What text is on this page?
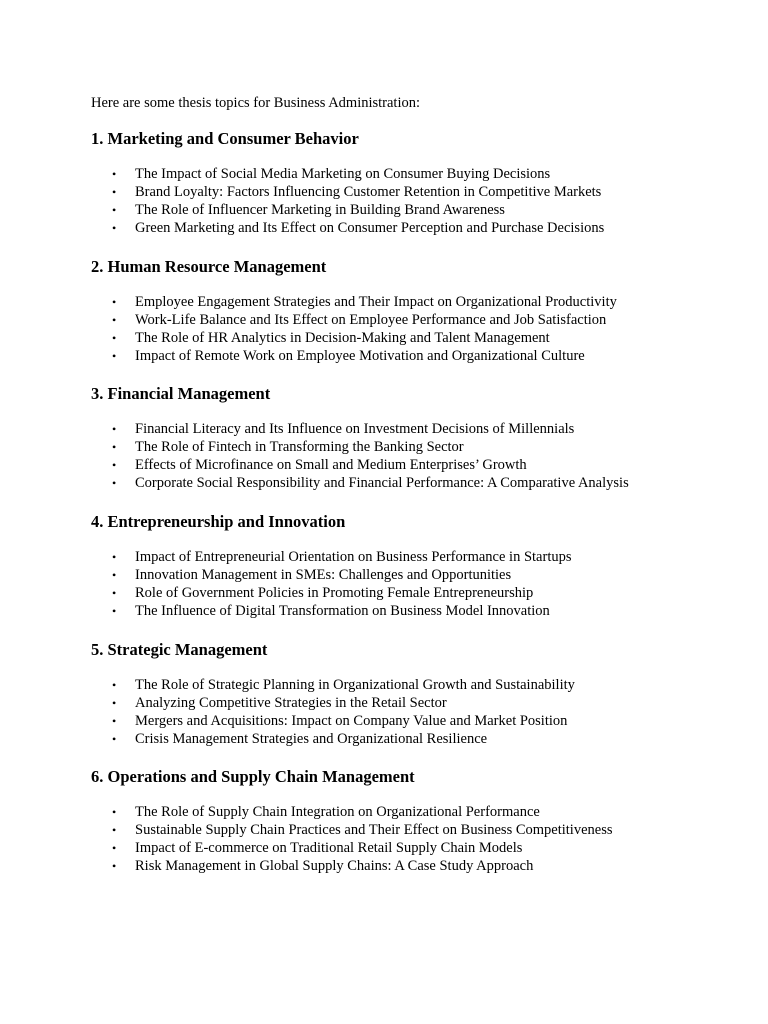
Here are some thesis topics for Business Administration:

1. Marketing and Consumer Behavior
• The Impact of Social Media Marketing on Consumer Buying Decisions
• Brand Loyalty: Factors Influencing Customer Retention in Competitive Markets
• The Role of Influencer Marketing in Building Brand Awareness
• Green Marketing and Its Effect on Consumer Perception and Purchase Decisions
2. Human Resource Management
• Employee Engagement Strategies and Their Impact on Organizational Productivity
• Work-Life Balance and Its Effect on Employee Performance and Job Satisfaction
• The Role of HR Analytics in Decision-Making and Talent Management
• Impact of Remote Work on Employee Motivation and Organizational Culture
3. Financial Management
• Financial Literacy and Its Influence on Investment Decisions of Millennials
• The Role of Fintech in Transforming the Banking Sector
• Effects of Microfinance on Small and Medium Enterprises’ Growth
• Corporate Social Responsibility and Financial Performance: A Comparative Analysis
4. Entrepreneurship and Innovation
• Impact of Entrepreneurial Orientation on Business Performance in Startups
• Innovation Management in SMEs: Challenges and Opportunities
• Role of Government Policies in Promoting Female Entrepreneurship
• The Influence of Digital Transformation on Business Model Innovation
5. Strategic Management
• The Role of Strategic Planning in Organizational Growth and Sustainability
• Analyzing Competitive Strategies in the Retail Sector
• Mergers and Acquisitions: Impact on Company Value and Market Position
• Crisis Management Strategies and Organizational Resilience
6. Operations and Supply Chain Management
• The Role of Supply Chain Integration on Organizational Performance
• Sustainable Supply Chain Practices and Their Effect on Business Competitiveness
• Impact of E-commerce on Traditional Retail Supply Chain Models
• Risk Management in Global Supply Chains: A Case Study Approach
